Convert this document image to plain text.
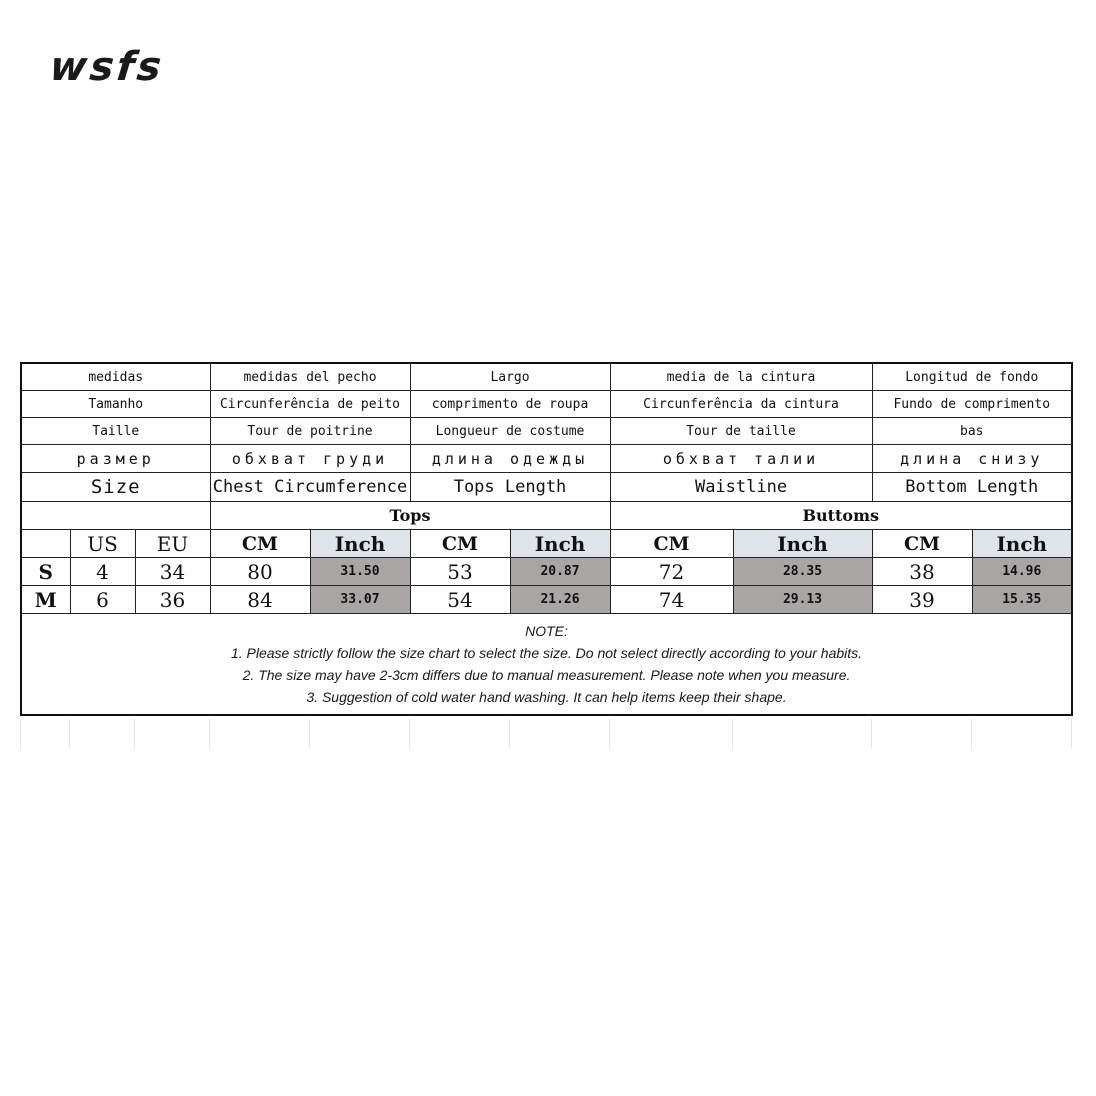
wsfs
medidas			medidas del pecho		Largo		media de la cintura		Longitud de fondo	
Tamanho			Circunferência de peito		comprimento de roupa		Circunferência da cintura		Fundo de comprimento	
Taille			Tour de poitrine		Longueur de costume		Tour de taille		bas	
размер			обхват груди		длина одежды		обхват талии		длина снизу	
Size			Chest Circumference		Tops Length		Waistline		Bottom Length	
			Tops				Buttoms			
	US	EU	CM	Inch	CM	Inch	CM	Inch	CM	Inch
S	4	34	80	31.50	53	20.87	72	28.35	38	14.96
M	6	36	84	33.07	54	21.26	74	29.13	39	15.35

NOTE:
1. Please strictly follow the size chart to select the size. Do not select directly according to your habits.
2. The size may have 2-3cm differs due to manual measurement. Please note when you measure.
3. Suggestion of cold water hand washing. It can help items keep their shape.										
